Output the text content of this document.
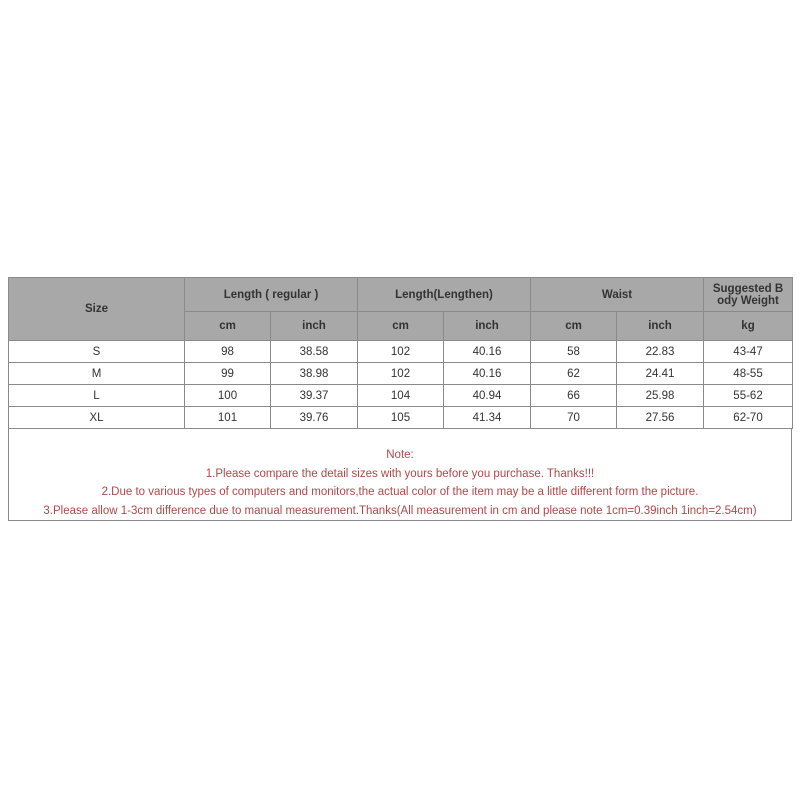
Size	Length ( regular )		Length(Lengthen)		Waist		Suggested B
ody Weight
	cm	inch	cm	inch	cm	inch	kg
S	98	38.58	102	40.16	58	22.83	43-47
M	99	38.98	102	40.16	62	24.41	48-55
L	100	39.37	104	40.94	66	25.98	55-62
XL	101	39.76	105	41.34	70	27.56	62-70
Note:
1.Please compare the detail sizes with yours before you purchase. Thanks!!!
2.Due to various types of computers and monitors,the actual color of the item may be a little different form the picture.
3.Please allow 1-3cm difference due to manual measurement.Thanks(All measurement in cm and please note 1cm=0.39inch 1inch=2.54cm)
